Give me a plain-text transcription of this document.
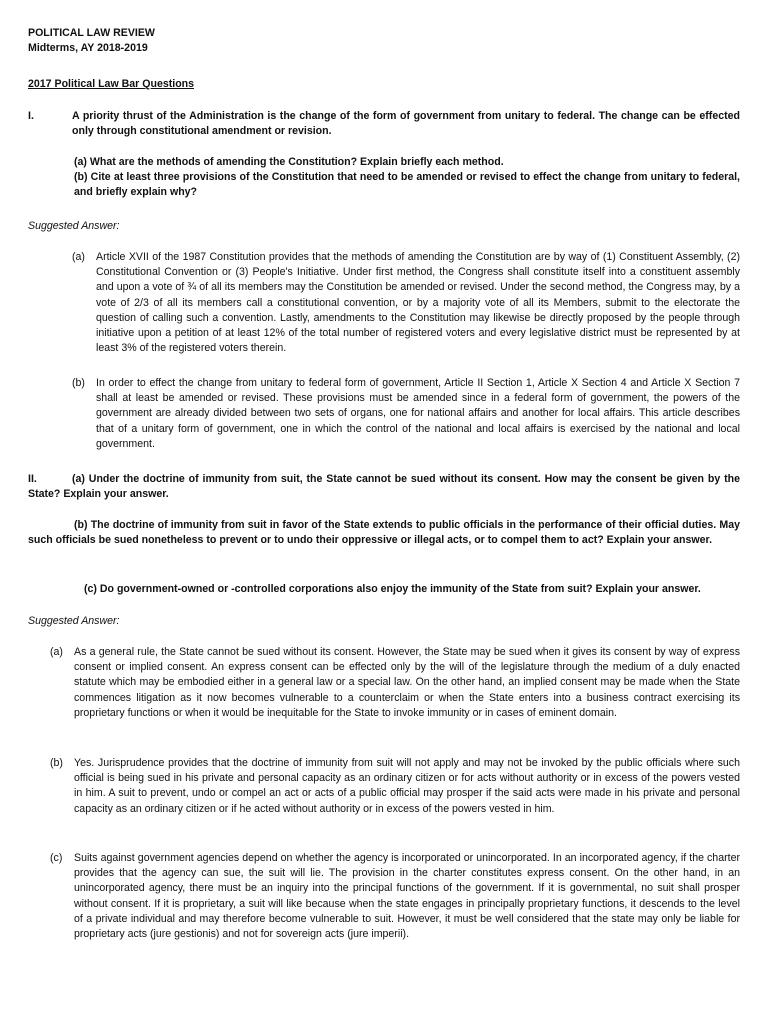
POLITICAL LAW REVIEW

Midterms, AY 2018-2019

2017 Political Law Bar Questions

I.	A priority thrust of the Administration is the change of the form of government from unitary to federal. The change can be effected only through constitutional amendment or revision.

(a) What are the methods of amending the Constitution? Explain briefly each method.

(b) Cite at least three provisions of the Constitution that need to be amended or revised to effect the change from unitary to federal, and briefly explain why?

Suggested Answer:

(a)	Article XVII of the 1987 Constitution provides that the methods of amending the Constitution are by way of (1) Constituent Assembly, (2) Constitutional Convention or (3) People's Initiative. Under first method, the Congress shall constitute itself into a constituent assembly and upon a vote of ¾ of all its members may the Constitution be amended or revised. Under the second method, the Congress may, by a vote of 2/3 of all its members call a constitutional convention, or by a majority vote of all its Members, submit to the electorate the question of calling such a convention. Lastly, amendments to the Constitution may likewise be directly proposed by the people through initiative upon a petition of at least 12% of the total number of registered voters and every legislative district must be represented by at least 3% of the registered voters therein.
(b)	In order to effect the change from unitary to federal form of government, Article II Section 1, Article X Section 4 and Article X Section 7 shall at least be amended or revised. These provisions must be amended since in a federal form of government, the powers of the government are already divided between two sets of organs, one for national affairs and another for local affairs. This article describes that of a unitary form of government, one in which the control of the national and local affairs is exercised by the national and local government.
II.	(a) Under the doctrine of immunity from suit, the State cannot be sued without its consent. How may the consent be given by the State? Explain your answer.
(b) The doctrine of immunity from suit in favor of the State extends to public officials in the performance of their official duties. May such officials be sued nonetheless to prevent or to undo their oppressive or illegal acts, or to compel them to act? Explain your answer.

(c) Do government-owned or -controlled corporations also enjoy the immunity of the State from suit? Explain your answer.

Suggested Answer:

(a)	As a general rule, the State cannot be sued without its consent. However, the State may be sued when it gives its consent by way of express consent or implied consent. An express consent can be effected only by the will of the legislature through the medium of a duly enacted statute which may be embodied either in a general law or a special law. On the other hand, an implied consent may be made when the State commences litigation as it now becomes vulnerable to a counterclaim or when the State enters into a business contract exercising its proprietary functions or when it would be inequitable for the State to invoke immunity or in cases of eminent domain.
(b)	Yes. Jurisprudence provides that the doctrine of immunity from suit will not apply and may not be invoked by the public officials where such official is being sued in his private and personal capacity as an ordinary citizen or for acts without authority or in excess of the powers vested in him. A suit to prevent, undo or compel an act or acts of a public official may prosper if the said acts were made in his private and personal capacity as an ordinary citizen or if he acted without authority or in excess of the powers vested in him.
(c)	Suits against government agencies depend on whether the agency is incorporated or unincorporated. In an incorporated agency, if the charter provides that the agency can sue, the suit will lie. The provision in the charter constitutes express consent. On the other hand, in an unincorporated agency, there must be an inquiry into the principal functions of the government. If it is governmental, no suit shall prosper without consent. If it is proprietary, a suit will like because when the state engages in principally proprietary functions, it descends to the level of a private individual and may therefore become vulnerable to suit. However, it must be well considered that the state may only be liable for proprietary acts (jure gestionis) and not for sovereign acts (jure imperii).
